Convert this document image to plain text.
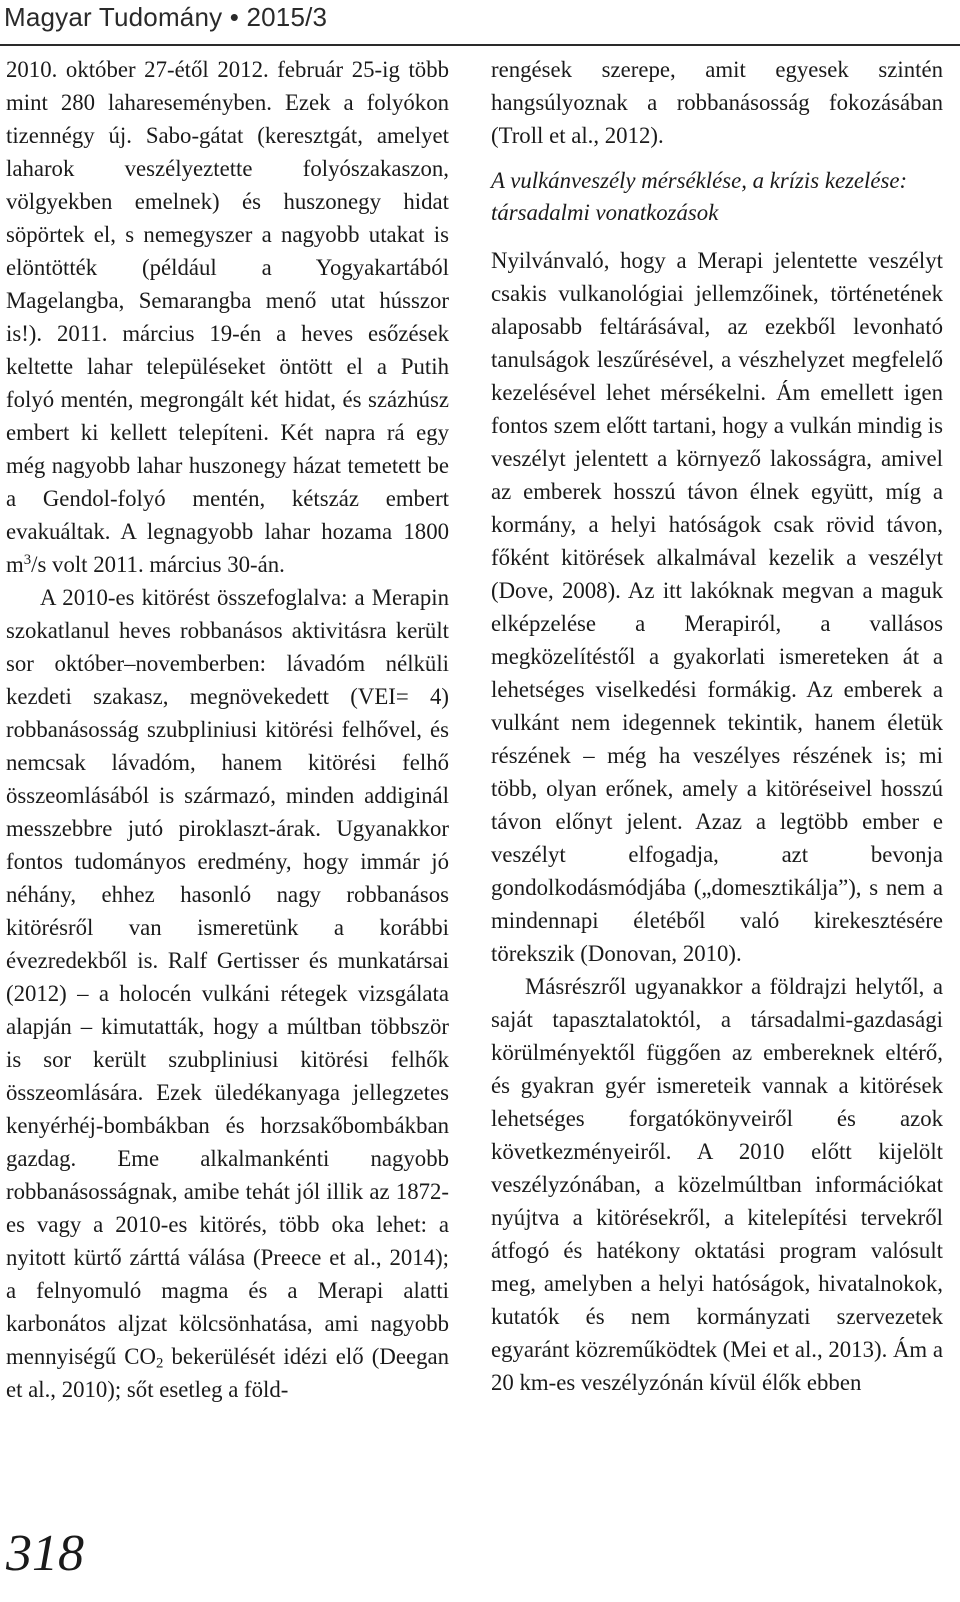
Magyar Tudomány • 2015/3

2010. október 27-étől 2012. február 25-ig több mint 280 lahareseményben. Ezek a folyókon tizennégy új. Sabo-gátat (keresztgát, amelyet laharok veszélyeztette folyószakaszon, völgyekben emelnek) és huszonegy hidat söpörtek el, s nemegyszer a nagyobb utakat is elöntötték (például a Yogyakartából Magelangba, Semarangba menő utat hússzor is!). 2011. március 19-én a heves esőzések keltette lahar településeket öntött el a Putih folyó mentén, megrongált két hidat, és százhúsz embert ki kellett telepíteni. Két napra rá egy még nagyobb lahar huszonegy házat temetett be a Gendol-folyó mentén, kétszáz embert evakuáltak. A legnagyobb lahar hozama 1800 $m^3/s$ volt 2011. március 30-án.

A 2010-es kitörést összefoglalva: a Merapin szokatlanul heves robbanásos aktivitásra került sor október–novemberben: lávadóm nélküli kezdeti szakasz, megnövekedett (VEI= 4) robbanásosság szubpliniusi kitörési felhővel, és nemcsak lávadóm, hanem kitörési felhő összeomlásából is származó, minden addiginál messzebbre jutó piroklaszt-árak. Ugyanakkor fontos tudományos eredmény, hogy immár jó néhány, ehhez hasonló nagy robbanásos kitörésről van ismeretünk a korábbi évezredekből is. Ralf Gertisser és munkatársai (2012) – a holocén vulkáni rétegek vizsgálata alapján – kimutatták, hogy a múltban többször is sor került szubpliniusi kitörési felhők összeomlására. Ezek üledékanyaga jellegzetes kenyérhéj-bombákban és horzsakőbombákban gazdag. Eme alkalmankénti nagyobb robbanásosságnak, amibe tehát jól illik az 1872-es vagy a 2010-es kitörés, több oka lehet: a nyitott kürtő zárttá válása (Preece et al., 2014); a felnyomuló magma és a Merapi alatti karbonátos aljzat kölcsönhatása, ami nagyobb mennyiségű $CO_2$ bekerülését idézi elő (Deegan et al., 2010); sőt esetleg a föld-

rengések szerepe, amit egyesek szintén hangsúlyoznak a robbanásosság fokozásában (Troll et al., 2012).

A vulkánveszély mérséklése, a krízis kezelése: társadalmi vonatkozások

Nyilvánvaló, hogy a Merapi jelentette veszélyt csakis vulkanológiai jellemzőinek, történetének alaposabb feltárásával, az ezekből levonható tanulságok leszűrésével, a vészhelyzet megfelelő kezelésével lehet mérsékelni. Ám emellett igen fontos szem előtt tartani, hogy a vulkán mindig is veszélyt jelentett a környező lakosságra, amivel az emberek hosszú távon élnek együtt, míg a kormány, a helyi hatóságok csak rövid távon, főként kitörések alkalmával kezelik a veszélyt (Dove, 2008). Az itt lakóknak megvan a maguk elképzelése a Merapiról, a vallásos megközelítéstől a gyakorlati ismereteken át a lehetséges viselkedési formákig. Az emberek a vulkánt nem idegennek tekintik, hanem életük részének – még ha veszélyes részének is; mi több, olyan erőnek, amely a kitöréseivel hosszú távon előnyt jelent. Azaz a legtöbb ember e veszélyt elfogadja, azt bevonja gondolkodásmódjába („domesztikálja”), s nem a mindennapi életéből való kirekesztésére törekszik (Donovan, 2010).

Másrészről ugyanakkor a földrajzi helytől, a saját tapasztalatoktól, a társadalmi-gazdasági körülményektől függően az embereknek eltérő, és gyakran gyér ismereteik vannak a kitörések lehetséges forgatókönyveiről és azok következményeiről. A 2010 előtt kijelölt veszélyzónában, a közelmúltban információkat nyújtva a kitörésekről, a kitelepítési tervekről átfogó és hatékony oktatási program valósult meg, amelyben a helyi hatóságok, hivatalnokok, kutatók és nem kormányzati szervezetek egyaránt közreműködtek (Mei et al., 2013). Ám a 20 km-es veszélyzónán kívül élők ebben

318
